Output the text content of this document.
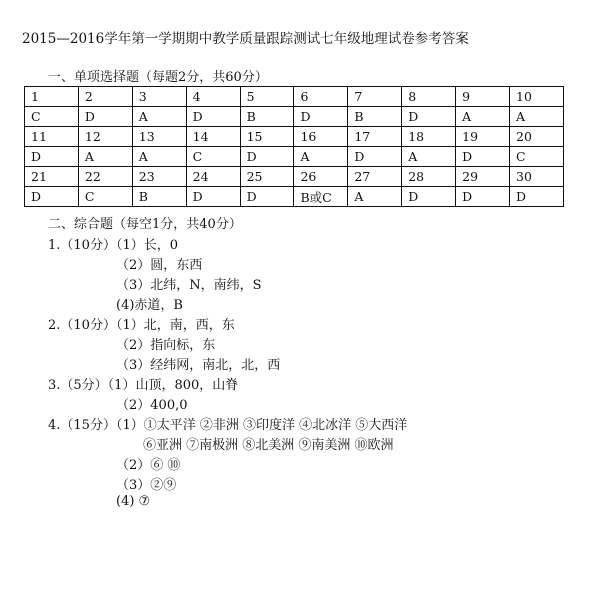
2015—2016学年第一学期期中教学质量跟踪测试七年级地理试卷参考答案
一、单项选择题（每题2分，共60分）
1	2	3	4	5	6	7	8	9	10
C	D	A	D	B	D	B	D	A	A
11	12	13	14	15	16	17	18	19	20
D	A	A	C	D	A	D	A	D	C
21	22	23	24	25	26	27	28	29	30
D	C	B	D	D	B或C	A	D	D	D
二、综合题（每空1分，共40分）
1.（10分）（1）长，0
（2）圆，东西
（3）北纬，N，南纬，S
(4)赤道，B
2.（10分）（1）北，南，西，东
（2）指向标，东
（3）经纬网，南北，北，西
3.（5分）（1）山顶，800，山脊
（2）400,0
4.（15分）（1）①太平洋 ②非洲 ③印度洋 ④北冰洋 ⑤大西洋
⑥亚洲 ⑦南极洲 ⑧北美洲 ⑨南美洲 ⑩欧洲
（2）⑥ ⑩
（3）②⑨
(4) ⑦
